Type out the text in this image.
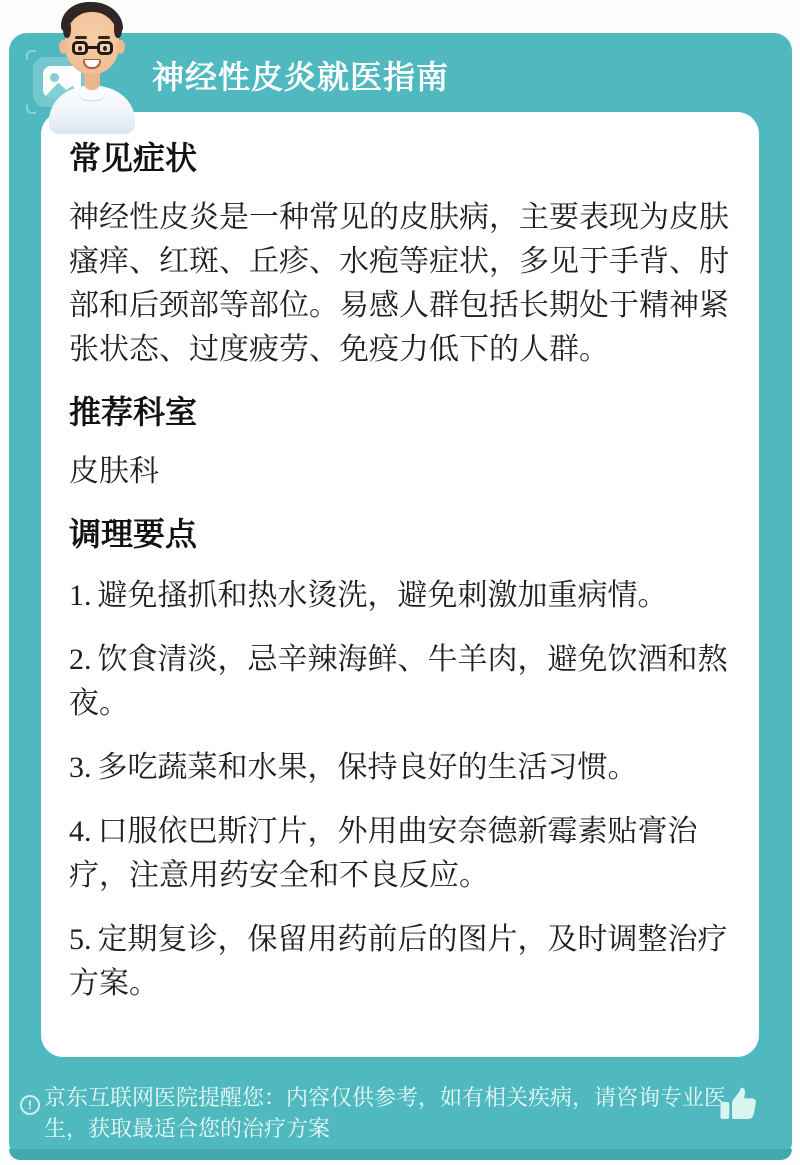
常见症状

神经性皮炎是一种常见的皮肤病，主要表现为皮肤瘙痒、红斑、丘疹、水疱等症状，多见于手背、肘部和后颈部等部位。易感人群包括长期处于精神紧张状态、过度疲劳、免疫力低下的人群。

推荐科室

皮肤科

调理要点

1. 避免搔抓和热水烫洗，避免刺激加重病情。

2. 饮食清淡，忌辛辣海鲜、牛羊肉，避免饮酒和熬夜。

3. 多吃蔬菜和水果，保持良好的生活习惯。

4. 口服依巴斯汀片，外用曲安奈德新霉素贴膏治疗，注意用药安全和不良反应。

5. 定期复诊，保留用药前后的图片，及时调整治疗方案。

! 京东互联网医院提醒您：内容仅供参考，如有相关疾病，请咨询专业医生，获取最适合您的治疗方案
神经性皮炎就医指南
